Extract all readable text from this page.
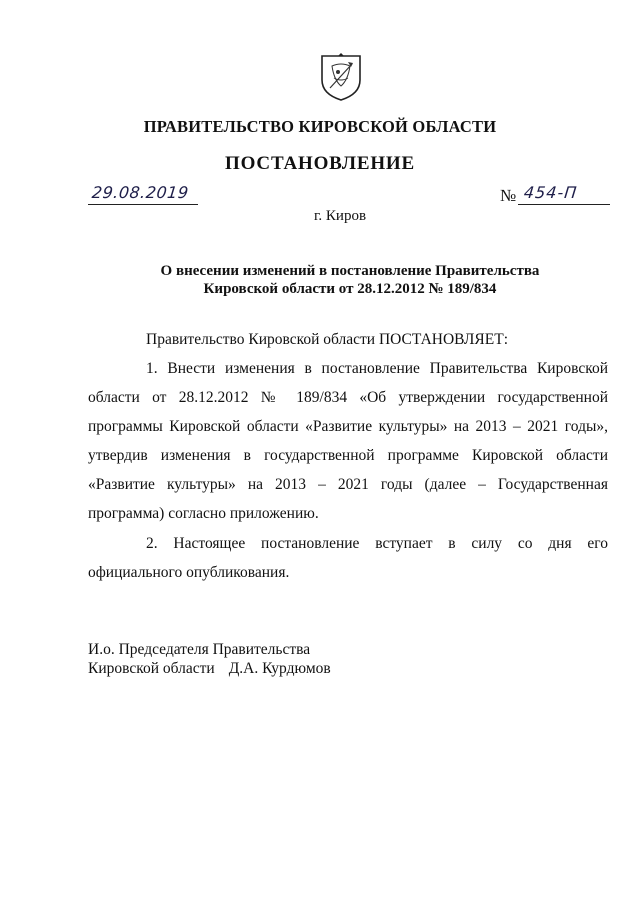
ПРАВИТЕЛЬСТВО КИРОВСКОЙ ОБЛАСТИ
ПОСТАНОВЛЕНИЕ
29.08.2019	№ 454-П
г. Киров
О внесении изменений в постановление Правительства
Кировской области от 28.12.2012 № 189/834
Правительство Кировской области ПОСТАНОВЛЯЕТ:
1. Внести изменения в постановление Правительства Кировской области от 28.12.2012 № 189/834 «Об утверждении государственной программы Кировской области «Развитие культуры» на 2013 – 2021 годы», утвердив изменения в государственной программе Кировской области «Развитие культуры» на 2013 – 2021 годы (далее – Государственная программа) согласно приложению.
2. Настоящее постановление вступает в силу со дня его официального опубликования.
И.о. Председателя Правительства
Кировской области Д.А. Курдюмов
